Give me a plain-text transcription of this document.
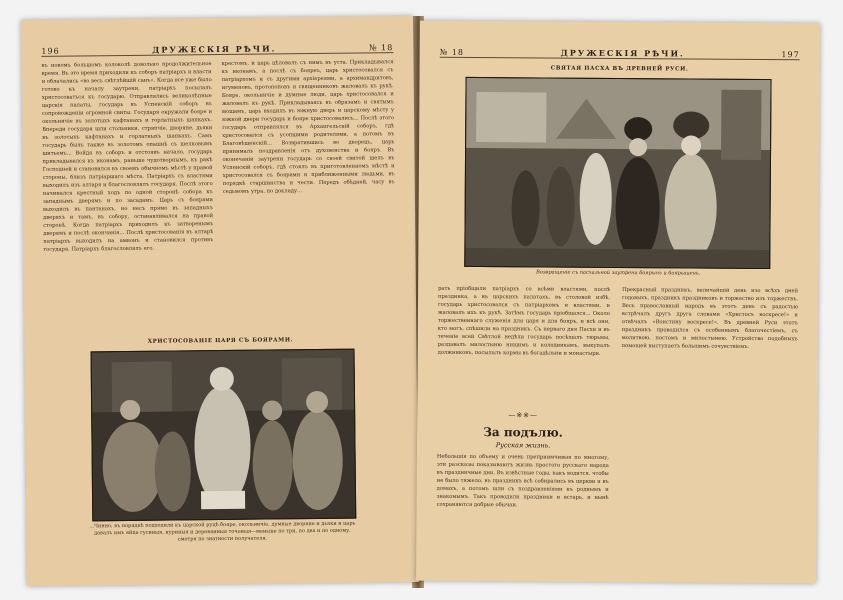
196	ДРУЖЕСКІЯ РѢЧИ.	№ 18
въ новомъ большомъ колоколѣ довольно продолжительное время. Въ это время приходили къ соборъ патріархъ и власти и облачались «во весь свѣтлѣйшій санъ». Когда все уже было готово къ началу заутрени, патріархъ посылалъ христосоваться къ государю. Отправлялись великолѣпные царскія палаты, государь въ Успенскій соборъ въ сопровожденіи огромной свиты. Государя окружали бояре и окольничіе въ золотыхъ кафтанахъ и горлатныхъ шапкахъ. Впереди государя шли стольники, стряпчіе, дворяне, дьяки въ золотыхъ кафтанахъ и горлатныхъ шапкахъ. Самъ государь былъ также въ золотомъ опашнѣ съ шелковымъ шитьемъ... Войдя въ соборъ и отстоявъ начало, государь прикладывался къ иконамъ, раньше чудотворнымъ, къ ракѣ Господней и становился въ своемъ обычномъ мѣстѣ у правой стороны, близъ патріаршаго мѣста. Патріархъ съ властями выходилъ изъ алтаря и благословлялъ государя. Послѣ этого начинался крестный ходъ по одной сторонѣ собора къ западнымъ дверямъ и по засадамъ. Царь съ боярами выходилъ въ пантанахъ, но несъ прямо въ западныхъ дверяхъ и тамъ, въ собору, останавливался на правой сторонѣ. Когда патріархъ приходилъ къ затворенымъ дверямъ и послѣ окончанія... Послѣ христосованія въ алтарѣ патріархъ выходилъ на амвонъ и становился противъ государя. Патріархъ благословлялъ его.
крестомъ, и царь цѣловалъ съ нимъ въ уста. Прикладывался къ иконамъ, а послѣ съ бояреъ, царь христосовался съ патріархомъ и съ другими архіереями, а архимандритовъ, игуменовъ, протопоповъ и священниковъ жаловалъ къ рукѣ. Бояре, окольничіе и думные люди, царь христосовался и жаловалъ къ рукѣ. Прикладываясь въ образамъ и святымъ мощамъ, царь входилъ въ южную дверь и царскому мѣсту у южной двери государь и бояре христосовались... Послѣ этого государь отправлялся въ Архангельскій соборъ, гдѣ христосовался съ усопшими родителями, а потомъ въ Благовѣщенскій... Возвратившись во дворецъ, царь принималъ поздравленія отъ духовенства и бояръ. Въ оконечаніи заутрени государь со своей свитой шелъ въ Успенскій соборъ, гдѣ стоялъ въ приготовленномъ мѣстѣ и христосовался съ боярами и приближенными людьми, въ порядкѣ старшинства и чести. Передъ обѣдней, часу въ седьмомъ утра, по докладу...
ХРИСТОСОВАНІЕ ЦАРЯ СЪ БОЯРАМИ.
...Чинно, въ порядкѣ подходили къ царской руцѣ бояре, окольничіе, думные дворяне и дьяки и царь давалъ имъ яйца гусиныя, куриныя и деревянныя точеныя—меньше по три, по два и по одному, смотря по знатности получателя.
№ 18	ДРУЖЕСКІЯ РѢЧИ.	197
СВЯТАЯ ПАСХА ВЪ ДРЕВНЕЙ РУСИ.
Возвращеніе съ пасхальной заутрени боярынь и боярышень.
рать пріобщили патріархъ со всѣми властями, послѣ праздника, а въ царскихъ палатахъ, въ столовой избѣ, государь христосовался съ патріархомъ и властями, и жаловалъ ихъ къ рукѣ. Затѣмъ государь пріобщался... Около торжественнаго служенія для царя и для бояръ, и всѣ они, кто могъ, спѣшили на праздникъ. Съ перваго дня Пасхи и въ теченіе всей Свѣтлой недѣли государь посѣщалъ тюрьмы, раздавалъ милостыню нищимъ и колодникамъ, выкупалъ должниковъ, посылалъ кормы въ богадѣльни и монастыри.
—※※—
За подълю.
Русская жизнь.
Небольшія по объему и очень преприимчивыя по многому, эти разсказы показываютъ жизнь простого русскаго народа въ праздничные дни. Въ извѣстные годы, какъ водится, чтобы не было тяжело, въ праздникъ всѣ собирались въ церкви и въ домахъ, а потомъ шли съ поздравленіями къ роднымъ и знакомымъ. Такъ проводили праздники и встарь, и нынѣ сохраняются добрые обычаи.
Прекрасный праздникъ, величайшій день изо всѣхъ дней годовыхъ, праздникъ праздниковъ и торжество изъ торжествъ. Весь православный народъ въ этотъ день съ радостью встрѣчалъ другъ друга словами «Христосъ воскресе!» и отвѣчалъ «Воистину воскресе!». Въ древней Руси этотъ праздникъ проводился съ особеннымъ благочестіемъ, съ молитвою, постомъ и милостынею. Устройство подобныхъ помощей выступаетъ большимъ сочувствіемъ.
